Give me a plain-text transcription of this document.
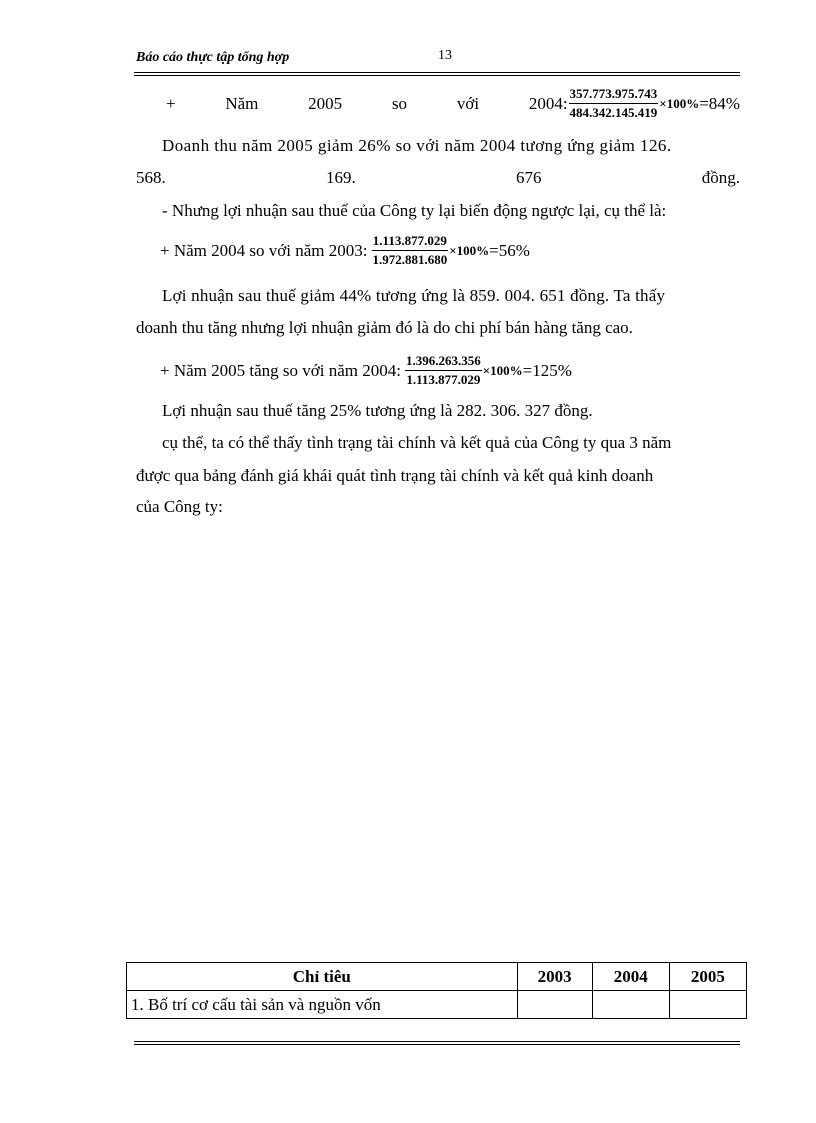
Báo cáo thực tập tổng hợp	13
+	Năm	2005	so	với	2004: $\frac{357.773.975.743}{484.342.145.419} \times 100\% =84\%$
Doanh thu năm 2005 giảm 26% so với năm 2004 tương ứng giảm 126.
568.	169.	676	đồng.
- Nhưng lợi nhuận sau thuế của Công ty lại biến động ngược lại, cụ thể là:
+ Năm 2004 so với năm 2003: $\frac{1.113.877.029}{1.972.881.680} \times 100\% =56\%$
Lợi nhuận sau thuế giảm 44% tương ứng là 859. 004. 651 đồng. Ta thấy
doanh thu tăng nhưng lợi nhuận giảm đó là do chi phí bán hàng tăng cao.
+ Năm 2005 tăng so với năm 2004: $\frac{1.396.263.356}{1.113.877.029} \times 100\% =125\%$
Lợi nhuận sau thuế tăng 25% tương ứng là 282. 306. 327 đồng.
cụ thể, ta có thể thấy tình trạng tài chính và kết quả của Công ty qua 3 năm
được qua bảng đánh giá khái quát tình trạng tài chính và kết quả kinh doanh
của Công ty:
Chỉ tiêu	2003	2004	2005
1. Bố trí cơ cấu tài sản và nguồn vốn			
